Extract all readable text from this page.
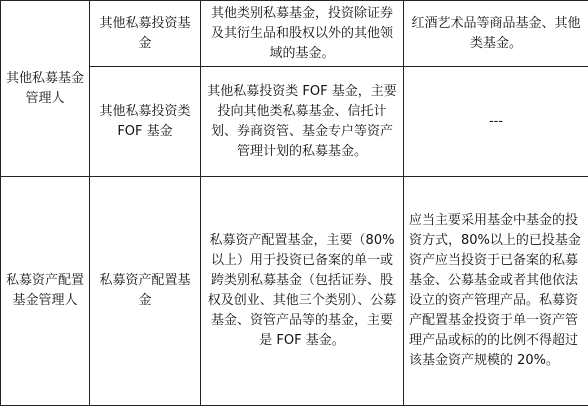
其他私募基金管理人	其他私募投资基金	其他类别私募基金，投资除证券及其衍生品和股权以外的其他领域的基金。	红酒艺术品等商品基金、其他类基金。
	其他私募投资类 FOF 基金	其他私募投资类 FOF 基金，主要投向其他类私募基金、信托计划、券商资管、基金专户等资产管理计划的私募基金。	---
私募资产配置基金管理人	私募资产配置基金	私募资产配置基金，主要（80%以上）用于投资已备案的单一或跨类别私募基金（包括证券、股权及创业、其他三个类别）、公募基金、资管产品等的基金，主要是 FOF 基金。	应当主要采用基金中基金的投资方式，80%以上的已投基金资产应当投资于已备案的私募基金、公募基金或者其他依法设立的资产管理产品。私募资产配置基金投资于单一资产管理产品或标的的比例不得超过该基金资产规模的 20%。
